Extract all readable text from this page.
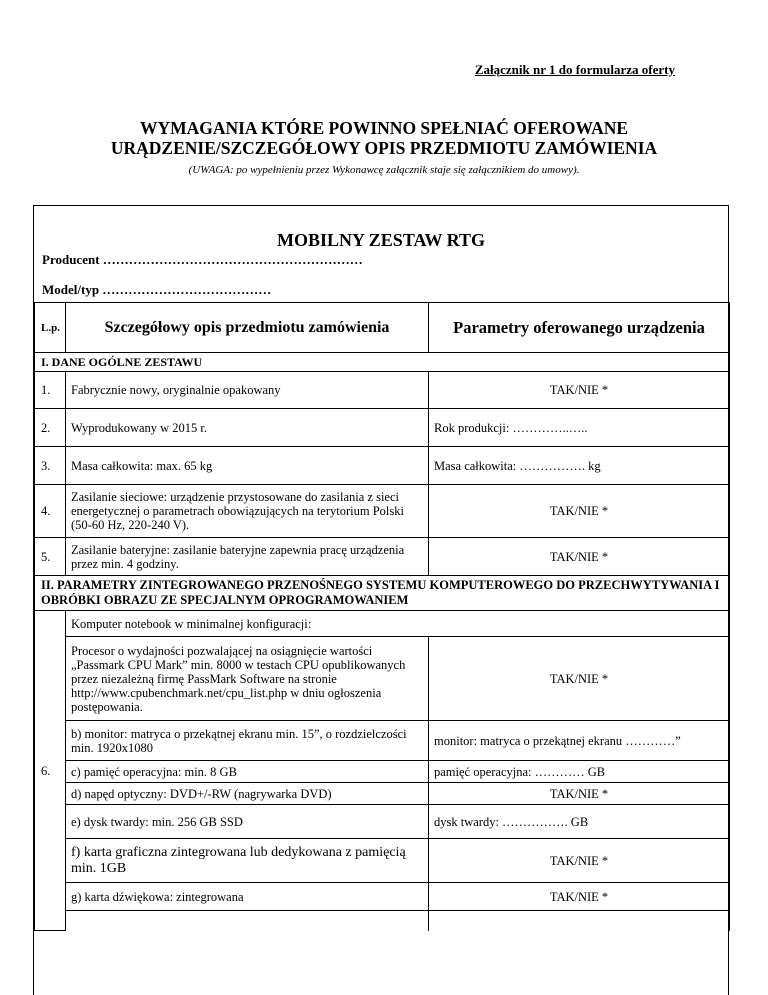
Załącznik nr 1 do formularza oferty
WYMAGANIA KTÓRE POWINNO SPEŁNIAĆ OFEROWANE
URĄDZENIE/SZCZEGÓŁOWY OPIS PRZEDMIOTU ZAMÓWIENIA
(UWAGA: po wypełnieniu przez Wykonawcę załącznik staje się załącznikiem do umowy).
MOBILNY ZESTAW RTG
Producent ……………………………………………………
Model/typ …………………………………
L.p.	Szczegółowy opis przedmiotu zamówienia	Parametry oferowanego urządzenia
I. DANE OGÓLNE ZESTAWU		
1.	Fabrycznie nowy, oryginalnie opakowany	TAK/NIE *
2.	Wyprodukowany w 2015 r.	Rok produkcji: …………..…..
3.	Masa całkowita: max. 65 kg	Masa całkowita: ……………. kg
4.	Zasilanie sieciowe: urządzenie przystosowane do zasilania z sieci energetycznej o parametrach obowiązujących na terytorium Polski (50-60 Hz, 220-240 V).	TAK/NIE *
5.	Zasilanie bateryjne: zasilanie bateryjne zapewnia pracę urządzenia przez min. 4 godziny.	TAK/NIE *
II. PARAMETRY ZINTEGROWANEGO PRZENOŚNEGO SYSTEMU KOMPUTEROWEGO DO PRZECHWYTYWANIA I OBRÓBKI OBRAZU ZE SPECJALNYM OPROGRAMOWANIEM		
6.	Komputer notebook w minimalnej konfiguracji:	
	Procesor o wydajności pozwalającej na osiągnięcie wartości „Passmark CPU Mark” min. 8000 w testach CPU opublikowanych przez niezależną firmę PassMark Software na stronie http://www.cpubenchmark.net/cpu_list.php w dniu ogłoszenia postępowania.	TAK/NIE *
	b) monitor: matryca o przekątnej ekranu min. 15”, o rozdzielczości min. 1920x1080	monitor: matryca o przekątnej ekranu …………”
	c) pamięć operacyjna: min. 8 GB	pamięć operacyjna: ………… GB
	d) napęd optyczny: DVD+/-RW (nagrywarka DVD)	TAK/NIE *
	e) dysk twardy: min. 256 GB SSD	dysk twardy: ……………. GB
	f) karta graficzna zintegrowana lub dedykowana z pamięcią min. 1GB	TAK/NIE *
	g) karta dźwiękowa: zintegrowana	TAK/NIE *
